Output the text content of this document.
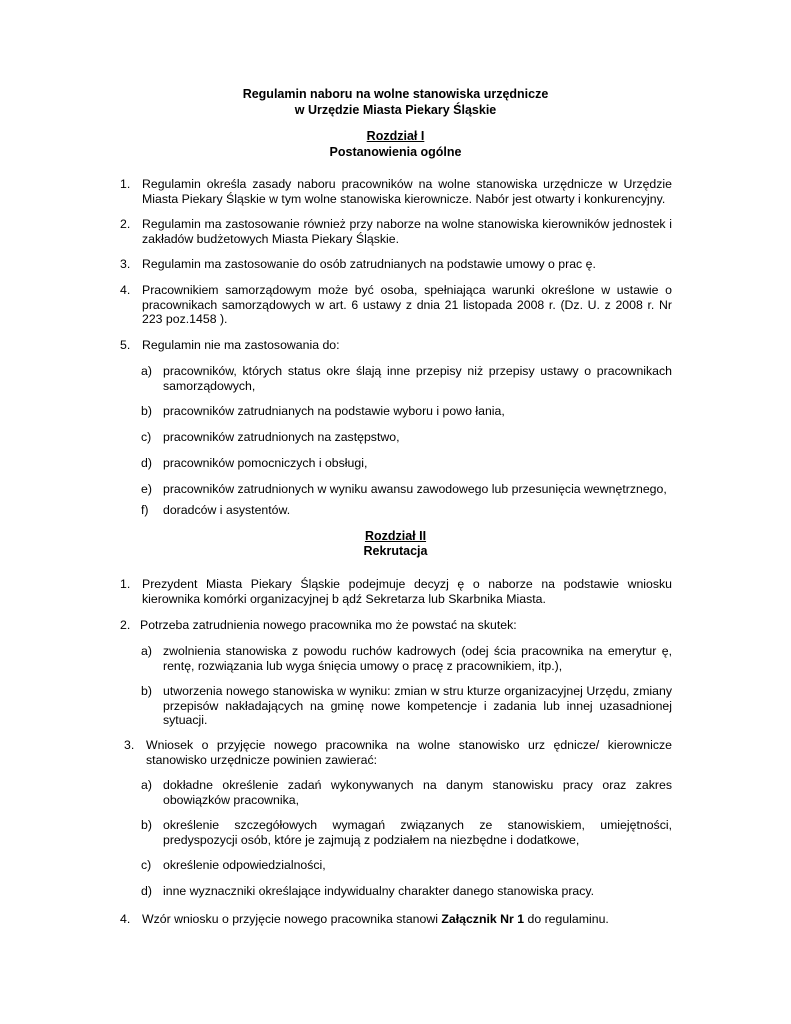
Regulamin naboru na wolne stanowiska urzędnicze
w Urzędzie Miasta Piekary Śląskie
Rozdział I
Postanowienia ogólne
1. Regulamin określa zasady naboru pracowników na wolne stanowiska urzędnicze w Urzędzie Miasta Piekary Śląskie w tym wolne stanowiska kierownicze. Nabór jest otwarty i konkurencyjny.
2. Regulamin ma zastosowanie również przy naborze na wolne stanowiska kierowników jednostek i zakładów budżetowych Miasta Piekary Śląskie.
3. Regulamin ma zastosowanie do osób zatrudnianych na podstawie umowy o prac ę.
4. Pracownikiem samorządowym może być osoba, spełniająca warunki określone w ustawie o pracownikach samorządowych w art. 6 ustawy z dnia 21 listopada 2008 r. (Dz. U. z 2008 r. Nr 223 poz.1458 ).
5. Regulamin nie ma zastosowania do:
a) pracowników, których status okre ślają inne przepisy niż przepisy ustawy o pracownikach samorządowych,
b) pracowników zatrudnianych na podstawie wyboru i powo łania,
c) pracowników zatrudnionych na zastępstwo,
d) pracowników pomocniczych i obsługi,
e) pracowników zatrudnionych w wyniku awansu zawodowego lub przesunięcia wewnętrznego,
f) doradców i asystentów.
Rozdział II
Rekrutacja
1. Prezydent Miasta Piekary Śląskie podejmuje decyzj ę o naborze na podstawie wniosku kierownika komórki organizacyjnej b ądź Sekretarza lub Skarbnika Miasta.
2. Potrzeba zatrudnienia nowego pracownika mo że powstać na skutek:
a) zwolnienia stanowiska z powodu ruchów kadrowych (odej ścia pracownika na emerytur ę, rentę, rozwiązania lub wyga śnięcia umowy o pracę z pracownikiem, itp.),
b) utworzenia nowego stanowiska w wyniku: zmian w stru kturze organizacyjnej Urzędu, zmiany przepisów nakładających na gminę nowe kompetencje i zadania lub innej uzasadnionej sytuacji.
3. Wniosek o przyjęcie nowego pracownika na wolne stanowisko urz ędnicze/ kierownicze stanowisko urzędnicze powinien zawierać:
a) dokładne określenie zadań wykonywanych na danym stanowisku pracy oraz zakres obowiązków pracownika,
b) określenie szczegółowych wymagań związanych ze stanowiskiem, umiejętności, predyspozycji osób, które je zajmują z podziałem na niezbędne i dodatkowe,
c) określenie odpowiedzialności,
d) inne wyznaczniki określające indywidualny charakter danego stanowiska pracy.
4. Wzór wniosku o przyjęcie nowego pracownika stanowi Załącznik Nr 1 do regulaminu.
